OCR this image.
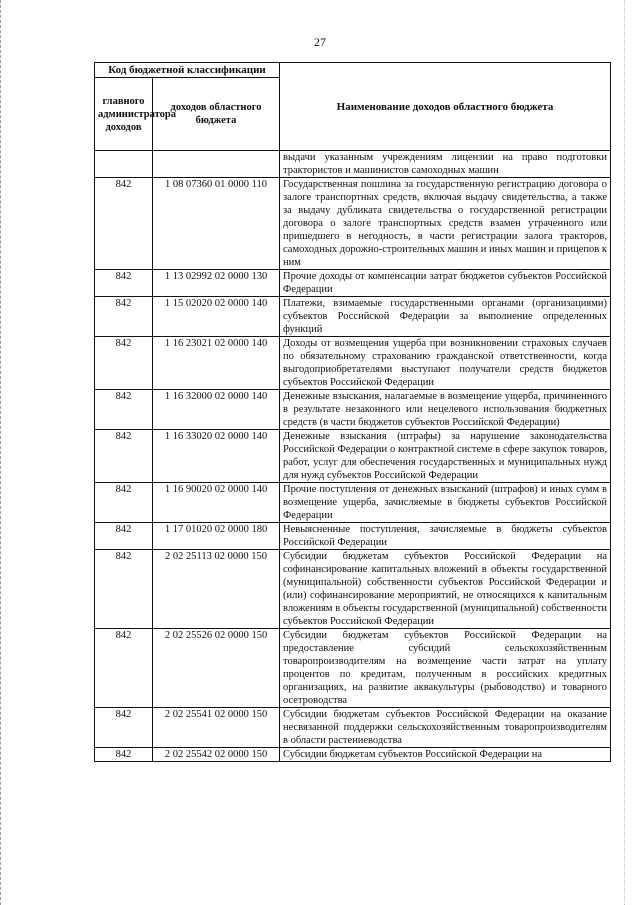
27
Код бюджетной классификации		Наименование доходов областного бюджета
главного администратора доходов	доходов областного бюджета	
		выдачи указанным учреждениям лицензии на право подготовки трактористов и машинистов самоходных машин
842	1 08 07360 01 0000 110	Государственная пошлина за государственную регистрацию договора о залоге транспортных средств, включая выдачу свидетельства, а также за выдачу дубликата свидетельства о государственной регистрации договора о залоге транспортных средств взамен утраченного или пришедшего в негодность, в части регистрации залога тракторов, самоходных дорожно-строительных машин и иных машин и прицепов к ним
842	1 13 02992 02 0000 130	Прочие доходы от компенсации затрат бюджетов субъектов Российской Федерации
842	1 15 02020 02 0000 140	Платежи, взимаемые государственными органами (организациями) субъектов Российской Федерации за выполнение определенных функций
842	1 16 23021 02 0000 140	Доходы от возмещения ущерба при возникновении страховых случаев по обязательному страхованию гражданской ответственности, когда выгодоприобретателями выступают получатели средств бюджетов субъектов Российской Федерации
842	1 16 32000 02 0000 140	Денежные взыскания, налагаемые в возмещение ущерба, причиненного в результате незаконного или нецелевого использования бюджетных средств (в части бюджетов субъектов Российской Федерации)
842	1 16 33020 02 0000 140	Денежные взыскания (штрафы) за нарушение законодательства Российской Федерации о контрактной системе в сфере закупок товаров, работ, услуг для обеспечения государственных и муниципальных нужд для нужд субъектов Российской Федерации
842	1 16 90020 02 0000 140	Прочие поступления от денежных взысканий (штрафов) и иных сумм в возмещение ущерба, зачисляемые в бюджеты субъектов Российской Федерации
842	1 17 01020 02 0000 180	Невыясненные поступления, зачисляемые в бюджеты субъектов Российской Федерации
842	2 02 25113 02 0000 150	Субсидии бюджетам субъектов Российской Федерации на софинансирование капитальных вложений в объекты государственной (муниципальной) собственности субъектов Российской Федерации и (или) софинансирование мероприятий, не относящихся к капитальным вложениям в объекты государственной (муниципальной) собственности субъектов Российской Федерации
842	2 02 25526 02 0000 150	Субсидии бюджетам субъектов Российской Федерации на предоставление субсидий сельскохозяйственным товаропроизводителям на возмещение части затрат на уплату процентов по кредитам, полученным в российских кредитных организациях, на развитие аквакультуры (рыбоводство) и товарного осетроводства
842	2 02 25541 02 0000 150	Субсидии бюджетам субъектов Российской Федерации на оказание несвязанной поддержки сельскохозяйственным товаропроизводителям в области растениеводства
842	2 02 25542 02 0000 150	Субсидии бюджетам субъектов Российской Федерации на
